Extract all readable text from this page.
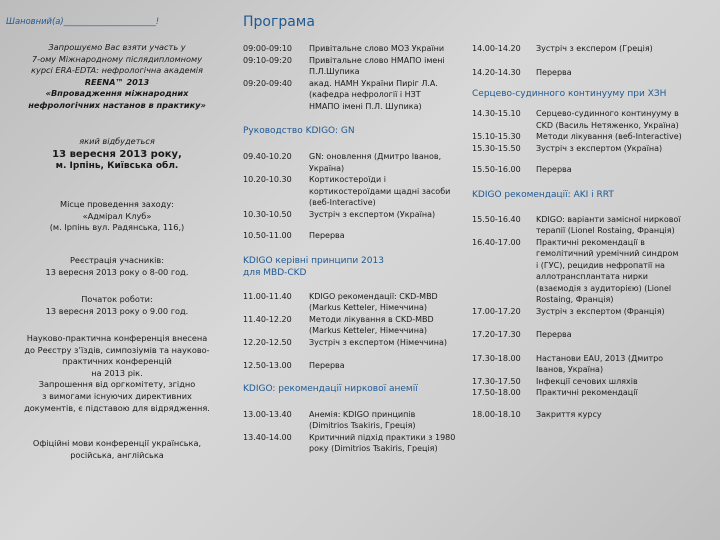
Шановний(а)______________________!
Запрошуємо Вас взяти участь у
7-ому Міжнародному післядипломному
курсі ERA-EDTA: нефрологічна академія
REENA™ 2013
«Впровадження міжнародних
нефрологічних настанов в практику»
який відбудеться
13 вересня 2013 року,
м. Ірпінь, Київська обл.
Місце проведення заходу:
«Адмірал Клуб»
(м. Ірпінь вул. Радянська, 116,)
Реєстрація учасників:
13 вересня 2013 року о 8-00 год.
Початок роботи:
13 вересня 2013 року о 9.00 год.
Науково-практична конференція внесена
до Реєстру з’їздів, симпозіумів та науково-
практичних конференцій
на 2013 рік.
Запрошення від оргкомітету, згідно
з вимогами існуючих директивних
документів, є підставою для відрядження.
Офіційні мови конференції українська,
російська, англійська
Програма
09:00-09:10 Привітальне слово МОЗ України
09:10-09:20 Привітальне слово НМАПО імені
П.Л.Шупика
09:20-09:40 акад. НАМН України Пиріг Л.А.
(кафедра нефрології і НЗТ
НМАПО імені П.Л. Шупика)
Руководство KDIGO: GN
09.40-10.20 GN: оновлення (Дмитро Іванов,
Україна)
10.20-10.30 Кортикостероїди і
кортикостероїдами щадні засоби
(веб-Interactive)
10.30-10.50 Зустріч з експертом (Україна)
10.50-11.00 Перерва
KDIGO керівні принципи 2013
для MBD-CKD
11.00-11.40 KDIGO рекомендації: CKD-MBD
(Markus Ketteler, Німеччина)
11.40-12.20 Методи лікування в CKD-MBD
(Markus Ketteler, Німеччина)
12.20-12.50 Зустріч з експертом (Німеччина)
12.50-13.00 Перерва
KDIGO: рекомендації ниркової анемії
13.00-13.40 Анемія: KDIGO принципів
(Dimitrios Tsakiris, Греція)
13.40-14.00 Критичний підхід практики з 1980
року (Dimitrios Tsakiris, Греція)
14.00-14.20 Зустріч з експером (Греція)
14.20-14.30 Перерва
Серцево-судинного континууму при ХЗН
14.30-15.10 Серцево-судинного континууму в
CKD (Василь Нетяженко, Україна)
15.10-15.30 Методи лікування (веб-Interactive)
15.30-15.50 Зустріч з експертом (Україна)
15.50-16.00 Перерва
KDIGO рекомендації: AKI і RRT
15.50-16.40 KDIGO: варіанти замісної ниркової
терапії (Lionel Rostaing, Франція)
16.40-17.00 Практичні рекомендації в
гемолітичний уремічний синдром
і (ГУС), рецидив нефропатії на
аллотрансплантата нирки
(взаємодія з аудиторією) (Lionel
Rostaing, Франція)
17.00-17.20 Зустріч з експертом (Франція)
17.20-17.30 Перерва
17.30-18.00 Настанови EAU, 2013 (Дмитро
Іванов, Україна)
17.30-17.50 Інфекції сечових шляхів
17.50-18.00 Практичні рекомендації
18.00-18.10 Закриття курсу
